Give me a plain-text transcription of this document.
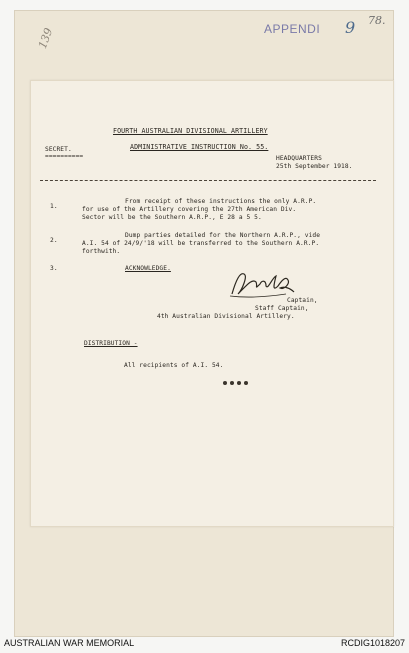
APPENDI 9 78.
139
FOURTH AUSTRALIAN DIVISIONAL ARTILLERY
SECRET.
==========
ADMINISTRATIVE INSTRUCTION No. 55.
HEADQUARTERS
25th September 1918.
1.
From receipt of these instructions the only A.R.P.
for use of the Artillery covering the 27th American Div.
Sector will be the Southern A.R.P., E 28 a 5 5.
2.
Dump parties detailed for the Northern A.R.P., vide
A.I. 54 of 24/9/'18 will be transferred to the Southern A.R.P.
forthwith.
3.	ACKNOWLEDGE.
Captain,
Staff Captain,
4th Australian Divisional Artillery.
DISTRIBUTION -
All recipients of A.I. 54.
AUSTRALIAN WAR MEMORIAL	RCDIG1018207
